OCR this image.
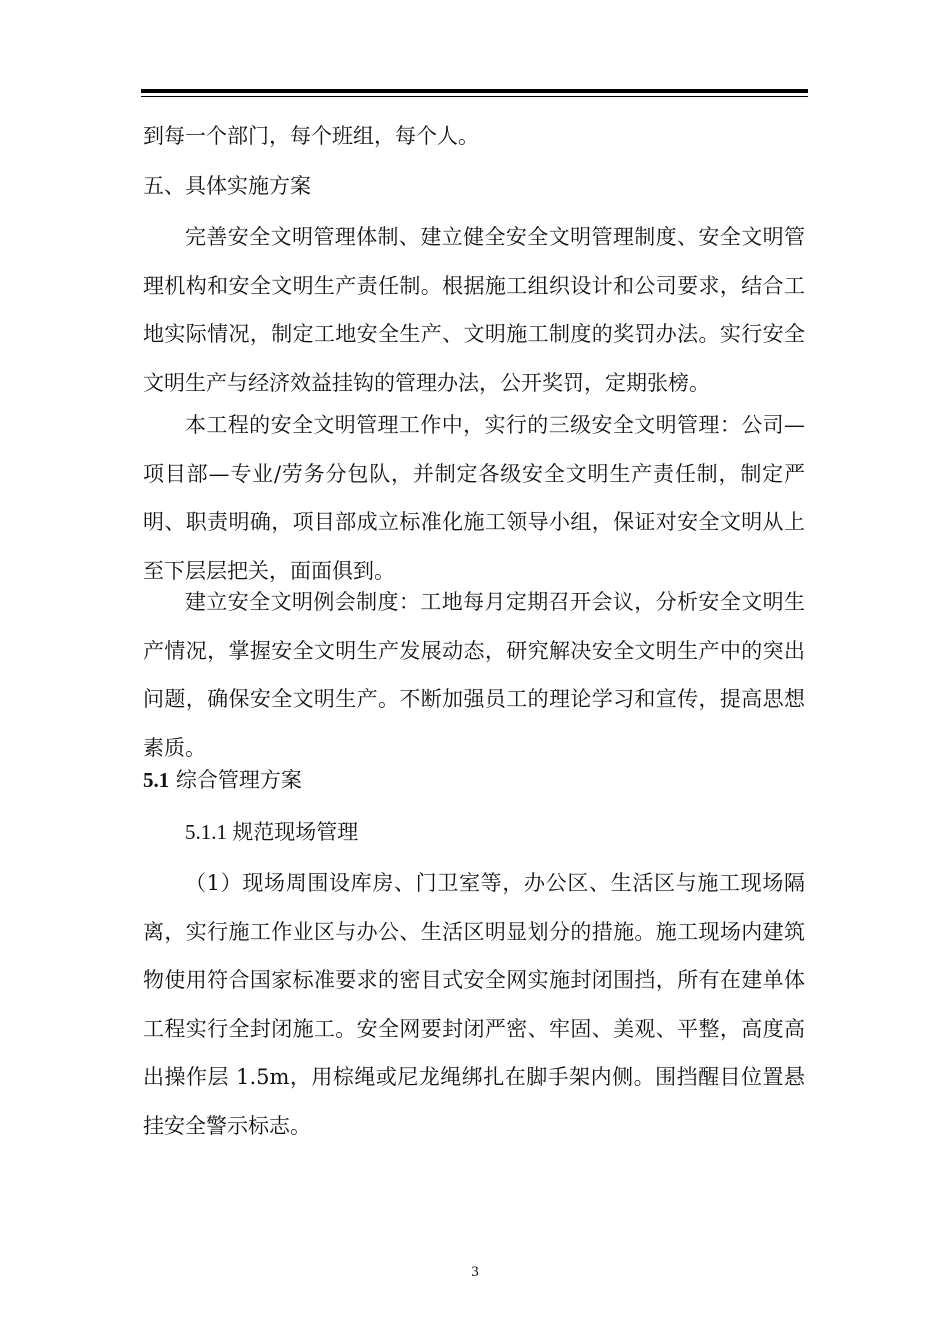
到每一个部门，每个班组，每个人。

五、具体实施方案

完善安全文明管理体制、建立健全安全文明管理制度、安全文明管理机构和安全文明生产责任制。根据施工组织设计和公司要求，结合工地实际情况，制定工地安全生产、文明施工制度的奖罚办法。实行安全文明生产与经济效益挂钩的管理办法，公开奖罚，定期张榜。

本工程的安全文明管理工作中，实行的三级安全文明管理：公司—项目部—专业/劳务分包队，并制定各级安全文明生产责任制，制定严明、职责明确，项目部成立标准化施工领导小组，保证对安全文明从上至下层层把关，面面俱到。

建立安全文明例会制度：工地每月定期召开会议，分析安全文明生产情况，掌握安全文明生产发展动态，研究解决安全文明生产中的突出问题，确保安全文明生产。不断加强员工的理论学习和宣传，提高思想素质。

5.1 综合管理方案

5.1.1 规范现场管理

（1）现场周围设库房、门卫室等，办公区、生活区与施工现场隔离，实行施工作业区与办公、生活区明显划分的措施。施工现场内建筑物使用符合国家标准要求的密目式安全网实施封闭围挡，所有在建单体工程实行全封闭施工。安全网要封闭严密、牢固、美观、平整，高度高出操作层 1.5m，用棕绳或尼龙绳绑扎在脚手架内侧。围挡醒目位置悬挂安全警示标志。

3
